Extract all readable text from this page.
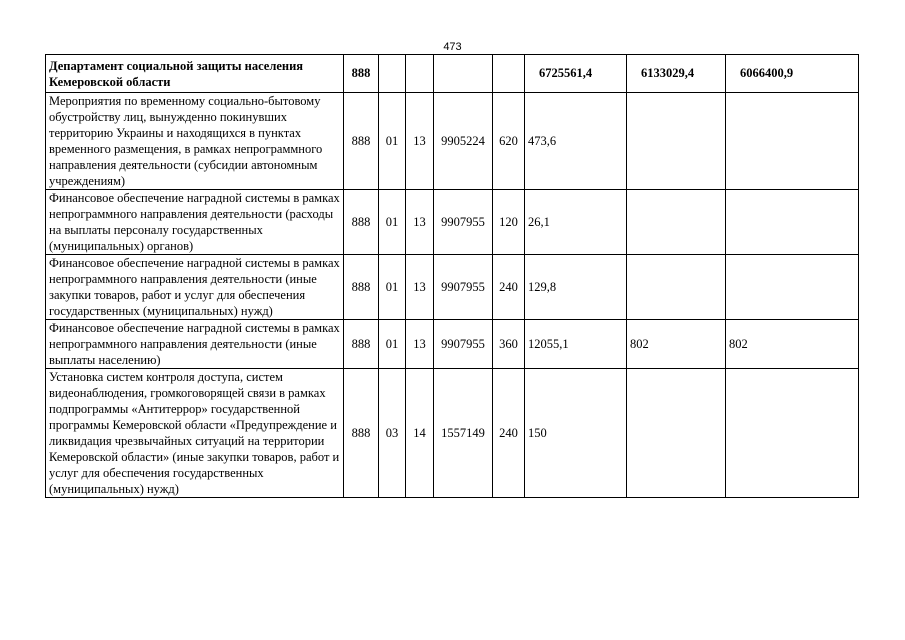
473
Департамент социальной защиты населения Кемеровской области	888					6725561,4	6133029,4	6066400,9
Мероприятия по временному социально-бытовому обустройству лиц, вынужденно покинувших территорию Украины и находящихся в пунктах временного размещения, в рамках непрограммного направления деятельности (субсидии автономным учреждениям)	888	01	13	9905224	620	473,6		
Финансовое обеспечение наградной системы в рамках непрограммного направления деятельности (расходы на выплаты персоналу государственных (муниципальных) органов)	888	01	13	9907955	120	26,1		
Финансовое обеспечение наградной системы в рамках непрограммного направления деятельности (иные закупки товаров, работ и услуг для обеспечения государственных (муниципальных) нужд)	888	01	13	9907955	240	129,8		
Финансовое обеспечение наградной системы в рамках непрограммного направления деятельности (иные выплаты населению)	888	01	13	9907955	360	12055,1	802	802
Установка систем контроля доступа, систем видеонаблюдения, громкоговорящей связи в рамках подпрограммы «Антитеррор» государственной программы Кемеровской области «Предупреждение и ликвидация чрезвычайных ситуаций на территории Кемеровской области» (иные закупки товаров, работ и услуг для обеспечения государственных (муниципальных) нужд)	888	03	14	1557149	240	150		
